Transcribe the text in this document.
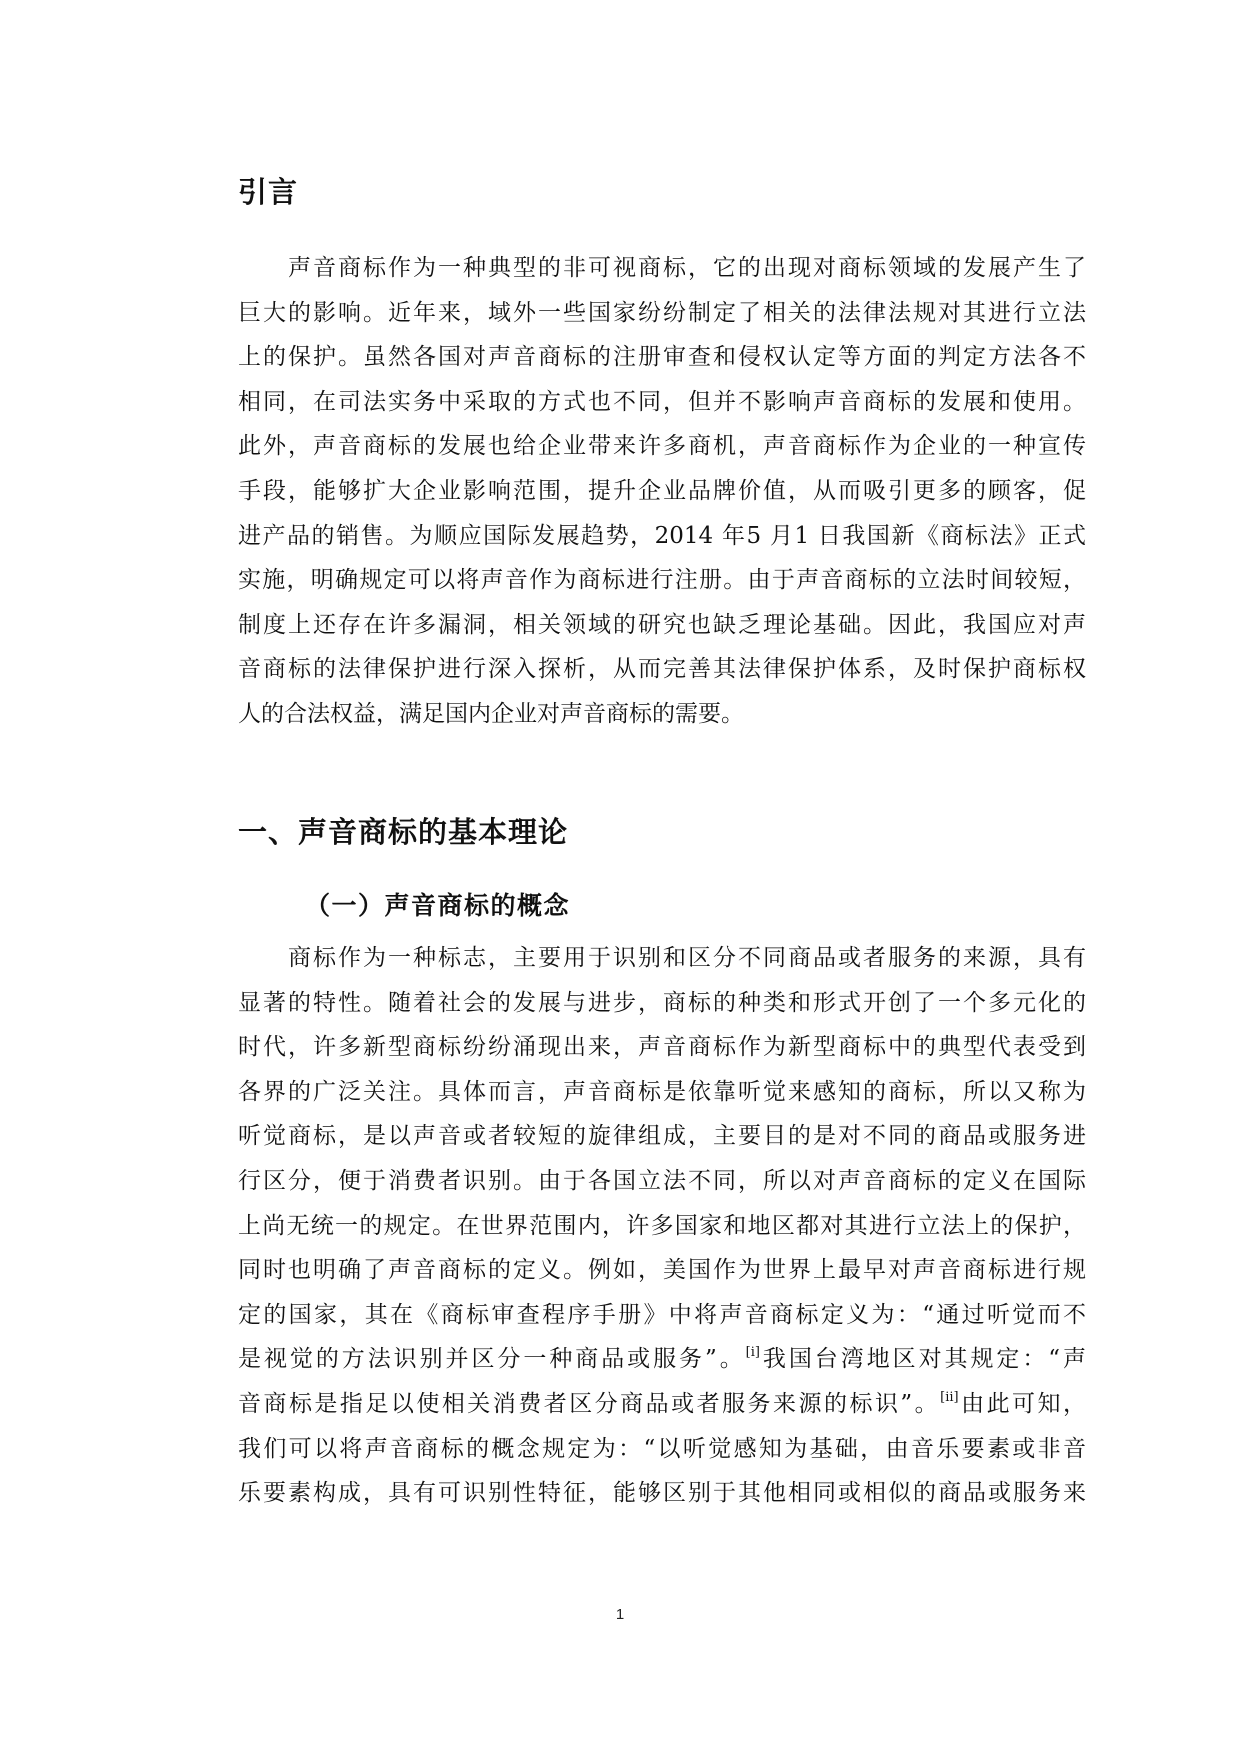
引言
声音商标作为一种典型的非可视商标，它的出现对商标领域的发展产生了
巨大的影响。近年来，域外一些国家纷纷制定了相关的法律法规对其进行立法
上的保护。虽然各国对声音商标的注册审查和侵权认定等方面的判定方法各不
相同，在司法实务中采取的方式也不同，但并不影响声音商标的发展和使用。
此外，声音商标的发展也给企业带来许多商机，声音商标作为企业的一种宣传
手段，能够扩大企业影响范围，提升企业品牌价值，从而吸引更多的顾客，促
进产品的销售。为顺应国际发展趋势，2014 年5 月1 日我国新《商标法》正式
实施，明确规定可以将声音作为商标进行注册。由于声音商标的立法时间较短，
制度上还存在许多漏洞，相关领域的研究也缺乏理论基础。因此，我国应对声
音商标的法律保护进行深入探析，从而完善其法律保护体系，及时保护商标权
人的合法权益，满足国内企业对声音商标的需要。
一、声音商标的基本理论
（一）声音商标的概念
商标作为一种标志，主要用于识别和区分不同商品或者服务的来源，具有
显著的特性。随着社会的发展与进步，商标的种类和形式开创了一个多元化的
时代，许多新型商标纷纷涌现出来，声音商标作为新型商标中的典型代表受到
各界的广泛关注。具体而言，声音商标是依靠听觉来感知的商标，所以又称为
听觉商标，是以声音或者较短的旋律组成，主要目的是对不同的商品或服务进
行区分，便于消费者识别。由于各国立法不同，所以对声音商标的定义在国际
上尚无统一的规定。在世界范围内，许多国家和地区都对其进行立法上的保护，
同时也明确了声音商标的定义。例如，美国作为世界上最早对声音商标进行规
定的国家，其在《商标审查程序手册》中将声音商标定义为：“通过听觉而不
是视觉的方法识别并区分一种商品或服务”。[i]我国台湾地区对其规定：“声
音商标是指足以使相关消费者区分商品或者服务来源的标识”。[ii]由此可知，
我们可以将声音商标的概念规定为：“以听觉感知为基础，由音乐要素或非音
乐要素构成，具有可识别性特征，能够区别于其他相同或相似的商品或服务来
1
